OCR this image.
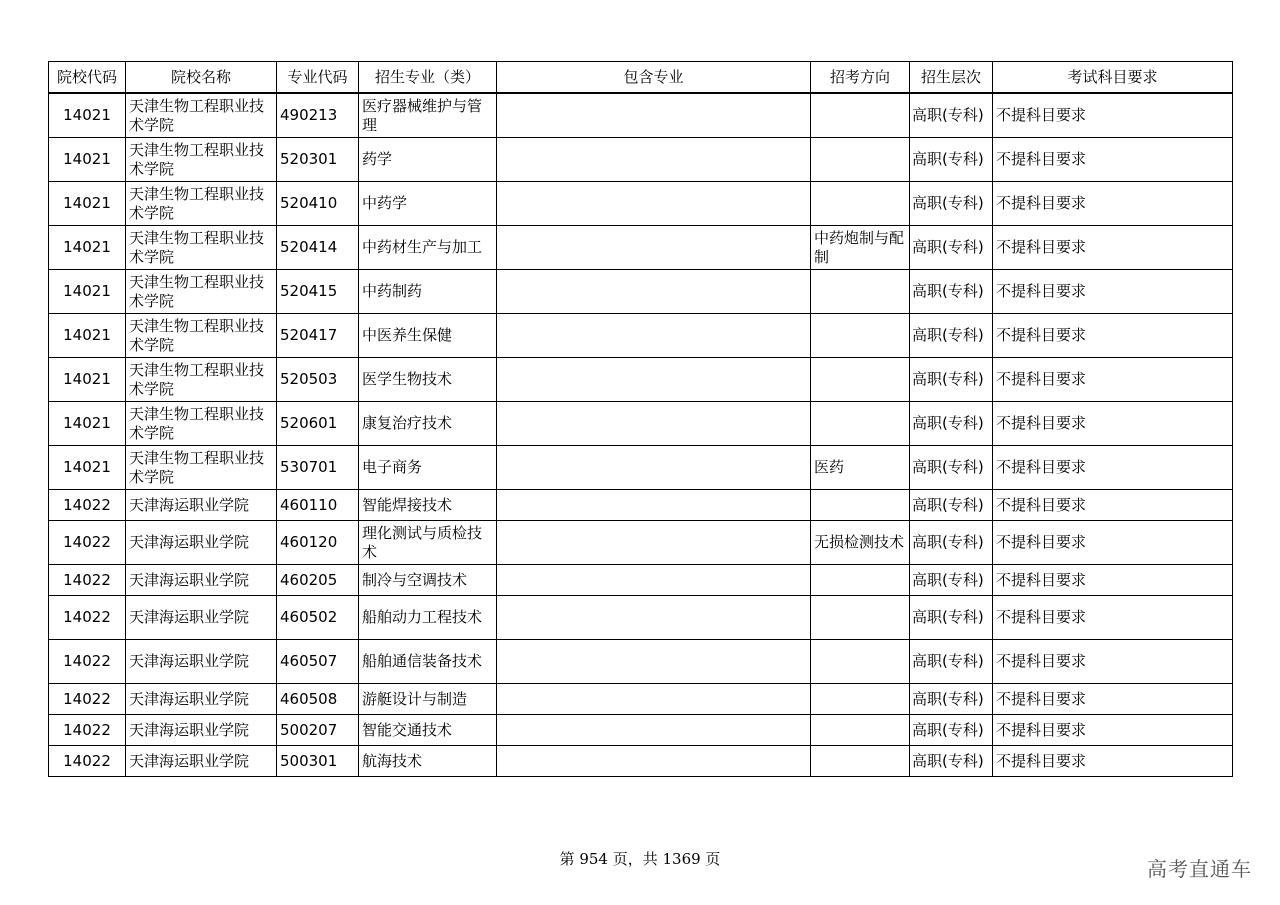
院校代码	院校名称	专业代码	招生专业（类）	包含专业	招考方向	招生层次	考试科目要求
14021	天津生物工程职业技术学院	490213	医疗器械维护与管理			高职(专科)	不提科目要求
14021	天津生物工程职业技术学院	520301	药学			高职(专科)	不提科目要求
14021	天津生物工程职业技术学院	520410	中药学			高职(专科)	不提科目要求
14021	天津生物工程职业技术学院	520414	中药材生产与加工		中药炮制与配制	高职(专科)	不提科目要求
14021	天津生物工程职业技术学院	520415	中药制药			高职(专科)	不提科目要求
14021	天津生物工程职业技术学院	520417	中医养生保健			高职(专科)	不提科目要求
14021	天津生物工程职业技术学院	520503	医学生物技术			高职(专科)	不提科目要求
14021	天津生物工程职业技术学院	520601	康复治疗技术			高职(专科)	不提科目要求
14021	天津生物工程职业技术学院	530701	电子商务		医药	高职(专科)	不提科目要求
14022	天津海运职业学院	460110	智能焊接技术			高职(专科)	不提科目要求
14022	天津海运职业学院	460120	理化测试与质检技术		无损检测技术	高职(专科)	不提科目要求
14022	天津海运职业学院	460205	制冷与空调技术			高职(专科)	不提科目要求
14022	天津海运职业学院	460502	船舶动力工程技术			高职(专科)	不提科目要求
14022	天津海运职业学院	460507	船舶通信装备技术			高职(专科)	不提科目要求
14022	天津海运职业学院	460508	游艇设计与制造			高职(专科)	不提科目要求
14022	天津海运职业学院	500207	智能交通技术			高职(专科)	不提科目要求
14022	天津海运职业学院	500301	航海技术			高职(专科)	不提科目要求
第 954 页，共 1369 页	高考直通车
